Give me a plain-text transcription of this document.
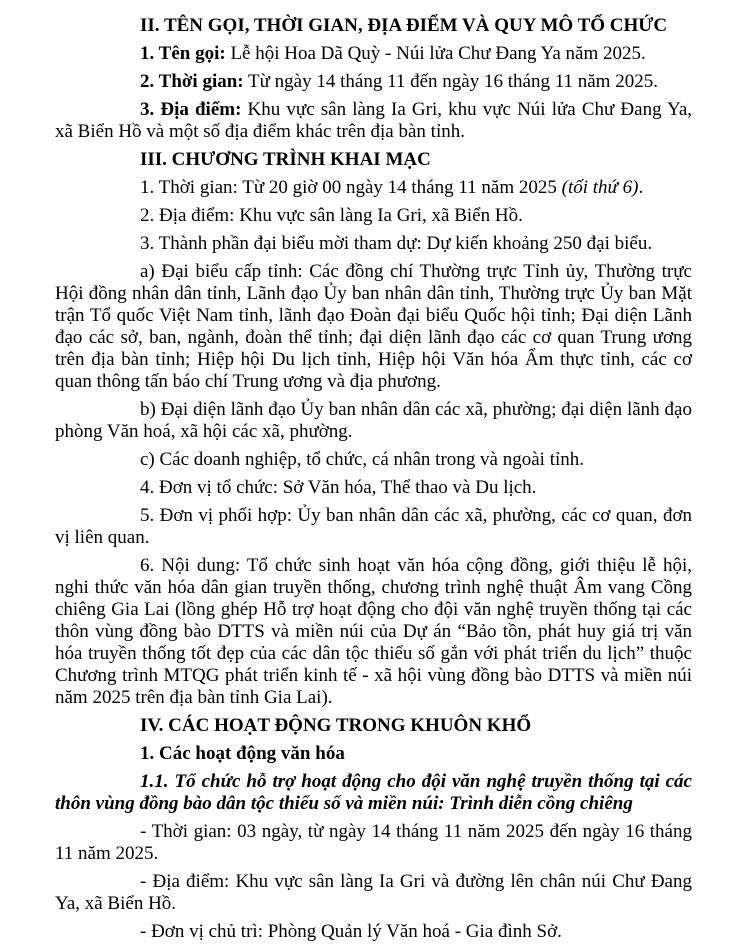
II. TÊN GỌI, THỜI GIAN, ĐỊA ĐIỂM VÀ QUY MÔ TỔ CHỨC

1. Tên gọi: Lễ hội Hoa Dã Quỳ - Núi lửa Chư Đang Ya năm 2025.

2. Thời gian: Từ ngày 14 tháng 11 đến ngày 16 tháng 11 năm 2025.

3. Địa điểm: Khu vực sân làng Ia Gri, khu vực Núi lửa Chư Đang Ya, xã Biển Hồ và một số địa điểm khác trên địa bàn tỉnh.

III. CHƯƠNG TRÌNH KHAI MẠC

1. Thời gian: Từ 20 giờ 00 ngày 14 tháng 11 năm 2025 (tối thứ 6).

2. Địa điểm: Khu vực sân làng Ia Gri, xã Biển Hồ.

3. Thành phần đại biểu mời tham dự: Dự kiến khoảng 250 đại biểu.

a) Đại biểu cấp tỉnh: Các đồng chí Thường trực Tỉnh ủy, Thường trực Hội đồng nhân dân tỉnh, Lãnh đạo Ủy ban nhân dân tỉnh, Thường trực Ủy ban Mặt trận Tổ quốc Việt Nam tỉnh, lãnh đạo Đoàn đại biểu Quốc hội tỉnh; Đại diện Lãnh đạo các sở, ban, ngành, đoàn thể tỉnh; đại diện lãnh đạo các cơ quan Trung ương trên địa bàn tỉnh; Hiệp hội Du lịch tỉnh, Hiệp hội Văn hóa Ẩm thực tỉnh, các cơ quan thông tấn báo chí Trung ương và địa phương.

b) Đại diện lãnh đạo Ủy ban nhân dân các xã, phường; đại diện lãnh đạo phòng Văn hoá, xã hội các xã, phường.

c) Các doanh nghiệp, tổ chức, cá nhân trong và ngoài tỉnh.

4. Đơn vị tổ chức: Sở Văn hóa, Thể thao và Du lịch.

5. Đơn vị phối hợp: Ủy ban nhân dân các xã, phường, các cơ quan, đơn vị liên quan.

6. Nội dung: Tổ chức sinh hoạt văn hóa cộng đồng, giới thiệu lễ hội, nghi thức văn hóa dân gian truyền thống, chương trình nghệ thuật Âm vang Cồng chiêng Gia Lai (lồng ghép Hỗ trợ hoạt động cho đội văn nghệ truyền thống tại các thôn vùng đồng bào DTTS và miền núi của Dự án “Bảo tồn, phát huy giá trị văn hóa truyền thống tốt đẹp của các dân tộc thiểu số gắn với phát triển du lịch” thuộc Chương trình MTQG phát triển kinh tế - xã hội vùng đồng bào DTTS và miền núi năm 2025 trên địa bàn tỉnh Gia Lai).

IV. CÁC HOẠT ĐỘNG TRONG KHUÔN KHỔ

1. Các hoạt động văn hóa

1.1. Tổ chức hỗ trợ hoạt động cho đội văn nghệ truyền thống tại các thôn vùng đồng bào dân tộc thiểu số và miền núi: Trình diễn cồng chiêng

- Thời gian: 03 ngày, từ ngày 14 tháng 11 năm 2025 đến ngày 16 tháng 11 năm 2025.

- Địa điểm: Khu vực sân làng Ia Gri và đường lên chân núi Chư Đang Ya, xã Biển Hồ.

- Đơn vị chủ trì: Phòng Quản lý Văn hoá - Gia đình Sở.
